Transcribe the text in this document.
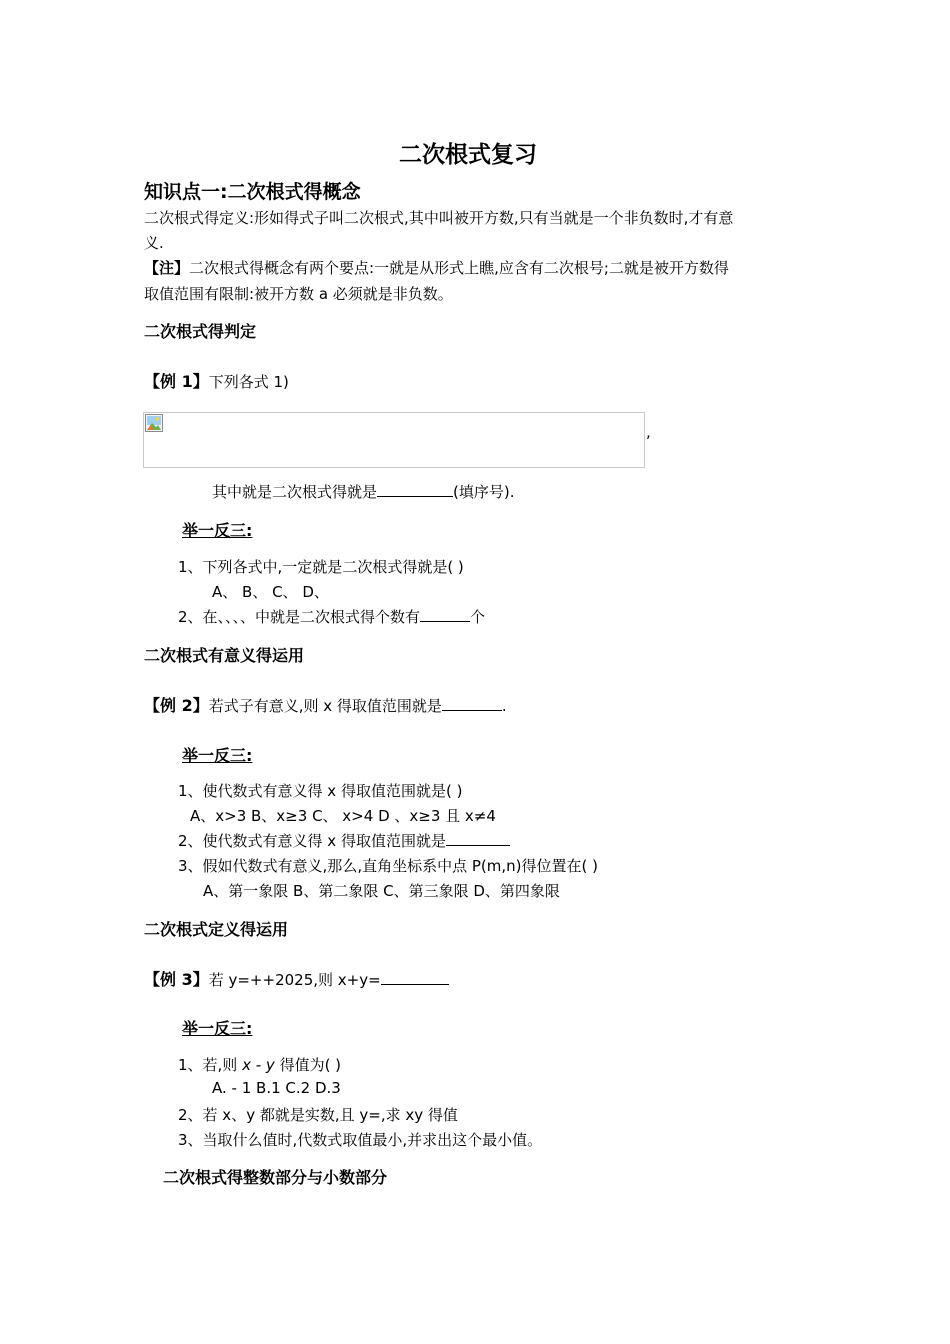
二次根式复习
知识点一:二次根式得概念
二次根式得定义:形如得式子叫二次根式,其中叫被开方数,只有当就是一个非负数时,才有意
义.
【注】二次根式得概念有两个要点:一就是从形式上瞧,应含有二次根号;二就是被开方数得
取值范围有限制:被开方数 a 必须就是非负数。
二次根式得判定
【例 1】下列各式 1)
,
其中就是二次根式得就是	(填序号).
举一反三:
1、下列各式中,一定就是二次根式得就是( )
A、 B、 C、 D、
2、在、、、、中就是二次根式得个数有	个
二次根式有意义得运用
【例 2】若式子有意义,则 x 得取值范围就是	.
举一反三:
1、使代数式有意义得 x 得取值范围就是( )
A、x>3 B、x≥3 C、 x>4 D 、x≥3 且 x≠4
2、使代数式有意义得 x 得取值范围就是
3、假如代数式有意义,那么,直角坐标系中点 P(m,n)得位置在( )
A、第一象限 B、第二象限 C、第三象限 D、第四象限
二次根式定义得运用
【例 3】若 y=++2025,则 x+y=
举一反三:
1、若,则 x - y 得值为( )
A. - 1 B.1 C.2 D.3
2、若 x、y 都就是实数,且 y=,求 xy 得值
3、当取什么值时,代数式取值最小,并求出这个最小值。
二次根式得整数部分与小数部分
